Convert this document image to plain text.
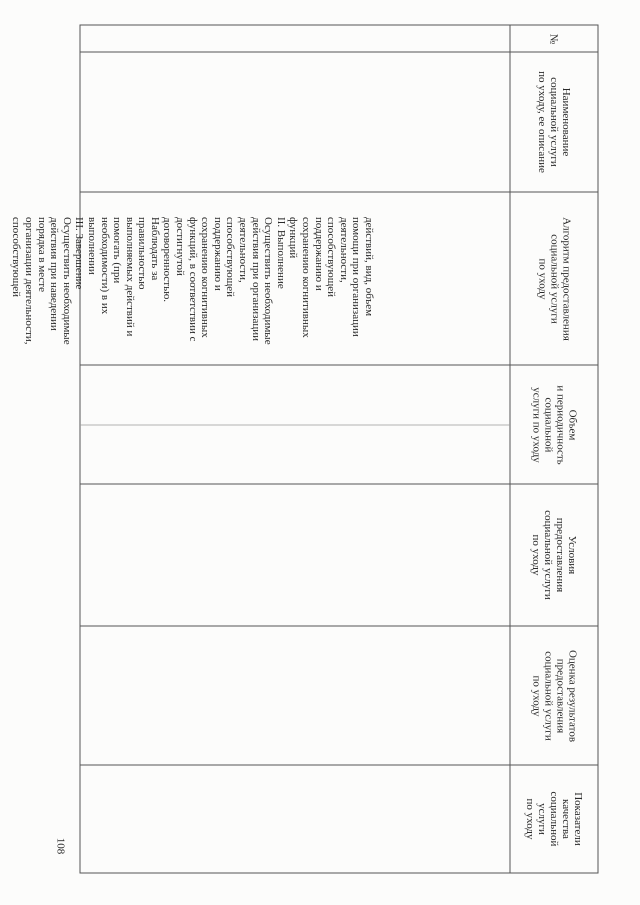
№
Наименование
социальной услуги
по уходу, ее описание
Алгоритм предоставления
социальной услуги
по уходу
Объем
и периодичность
социальной
услуги по уходу
Условия
предоставления
социальной услуги
по уходу
Оценка результатов
предоставления
социальной услуги
по уходу
Показатели
качества
социальной
услуги
по уходу
действий, вид, объем
помощи при организации
деятельности,
способствующей
поддержанию и
сохранению когнитивных
функций
II. Выполнение
Осуществить необходимые
действия при организации
деятельности,
способствующей
поддержанию и
сохранению когнитивных
функций, в соответствии с
достигнутой
договоренностью.
Наблюдать за
правильностью
выполняемых действий и
помогать (при
необходимости) в их
выполнении
III. Завершение
Осуществить необходимые
действия при наведении
порядка в месте
организации деятельности,
способствующей
108
